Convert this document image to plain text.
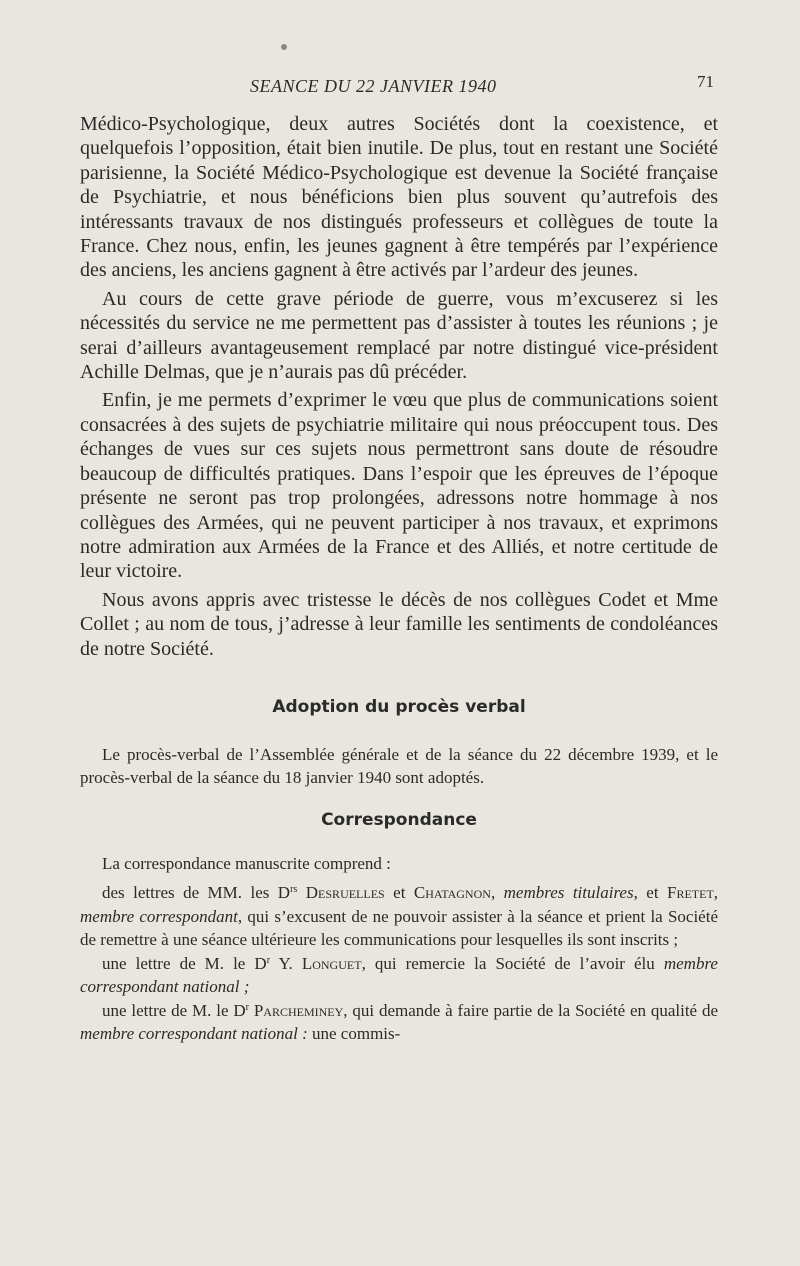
SEANCE DU 22 JANVIER 1940	71

Médico-Psychologique, deux autres Sociétés dont la coexistence, et quelquefois l’opposition, était bien inutile. De plus, tout en restant une Société parisienne, la Société Médico-Psychologique est devenue la Société française de Psychiatrie, et nous bénéficions bien plus souvent qu’autrefois des intéressants travaux de nos distingués professeurs et collègues de toute la France. Chez nous, enfin, les jeunes gagnent à être tempérés par l’expérience des anciens, les anciens gagnent à être activés par l’ardeur des jeunes.

Au cours de cette grave période de guerre, vous m’excuserez si les nécessités du service ne me permettent pas d’assister à toutes les réunions ; je serai d’ailleurs avantageusement remplacé par notre distingué vice-président Achille Delmas, que je n’aurais pas dû précéder.

Enfin, je me permets d’exprimer le vœu que plus de communications soient consacrées à des sujets de psychiatrie militaire qui nous préoccupent tous. Des échanges de vues sur ces sujets nous permettront sans doute de résoudre beaucoup de difficultés pratiques. Dans l’espoir que les épreuves de l’époque présente ne seront pas trop prolongées, adressons notre hommage à nos collègues des Armées, qui ne peuvent participer à nos travaux, et exprimons notre admiration aux Armées de la France et des Alliés, et notre certitude de leur victoire.

Nous avons appris avec tristesse le décès de nos collègues Codet et Mme Collet ; au nom de tous, j’adresse à leur famille les sentiments de condoléances de notre Société.

Adoption du procès verbal

Le procès-verbal de l’Assemblée générale et de la séance du 22 décembre 1939, et le procès-verbal de la séance du 18 janvier 1940 sont adoptés.

Correspondance

La correspondance manuscrite comprend :

des lettres de MM. les $D^{rs}$ Desruelles et Chatagnon, membres titulaires, et Fretet, membre correspondant, qui s’excusent de ne pouvoir assister à la séance et prient la Société de remettre à une séance ultérieure les communications pour lesquelles ils sont inscrits ;

une lettre de M. le $D^r$ Y. Longuet, qui remercie la Société de l’avoir élu membre correspondant national ;

une lettre de M. le $D^r$ Parcheminey, qui demande à faire partie de la Société en qualité de membre correspondant national : une commis-
